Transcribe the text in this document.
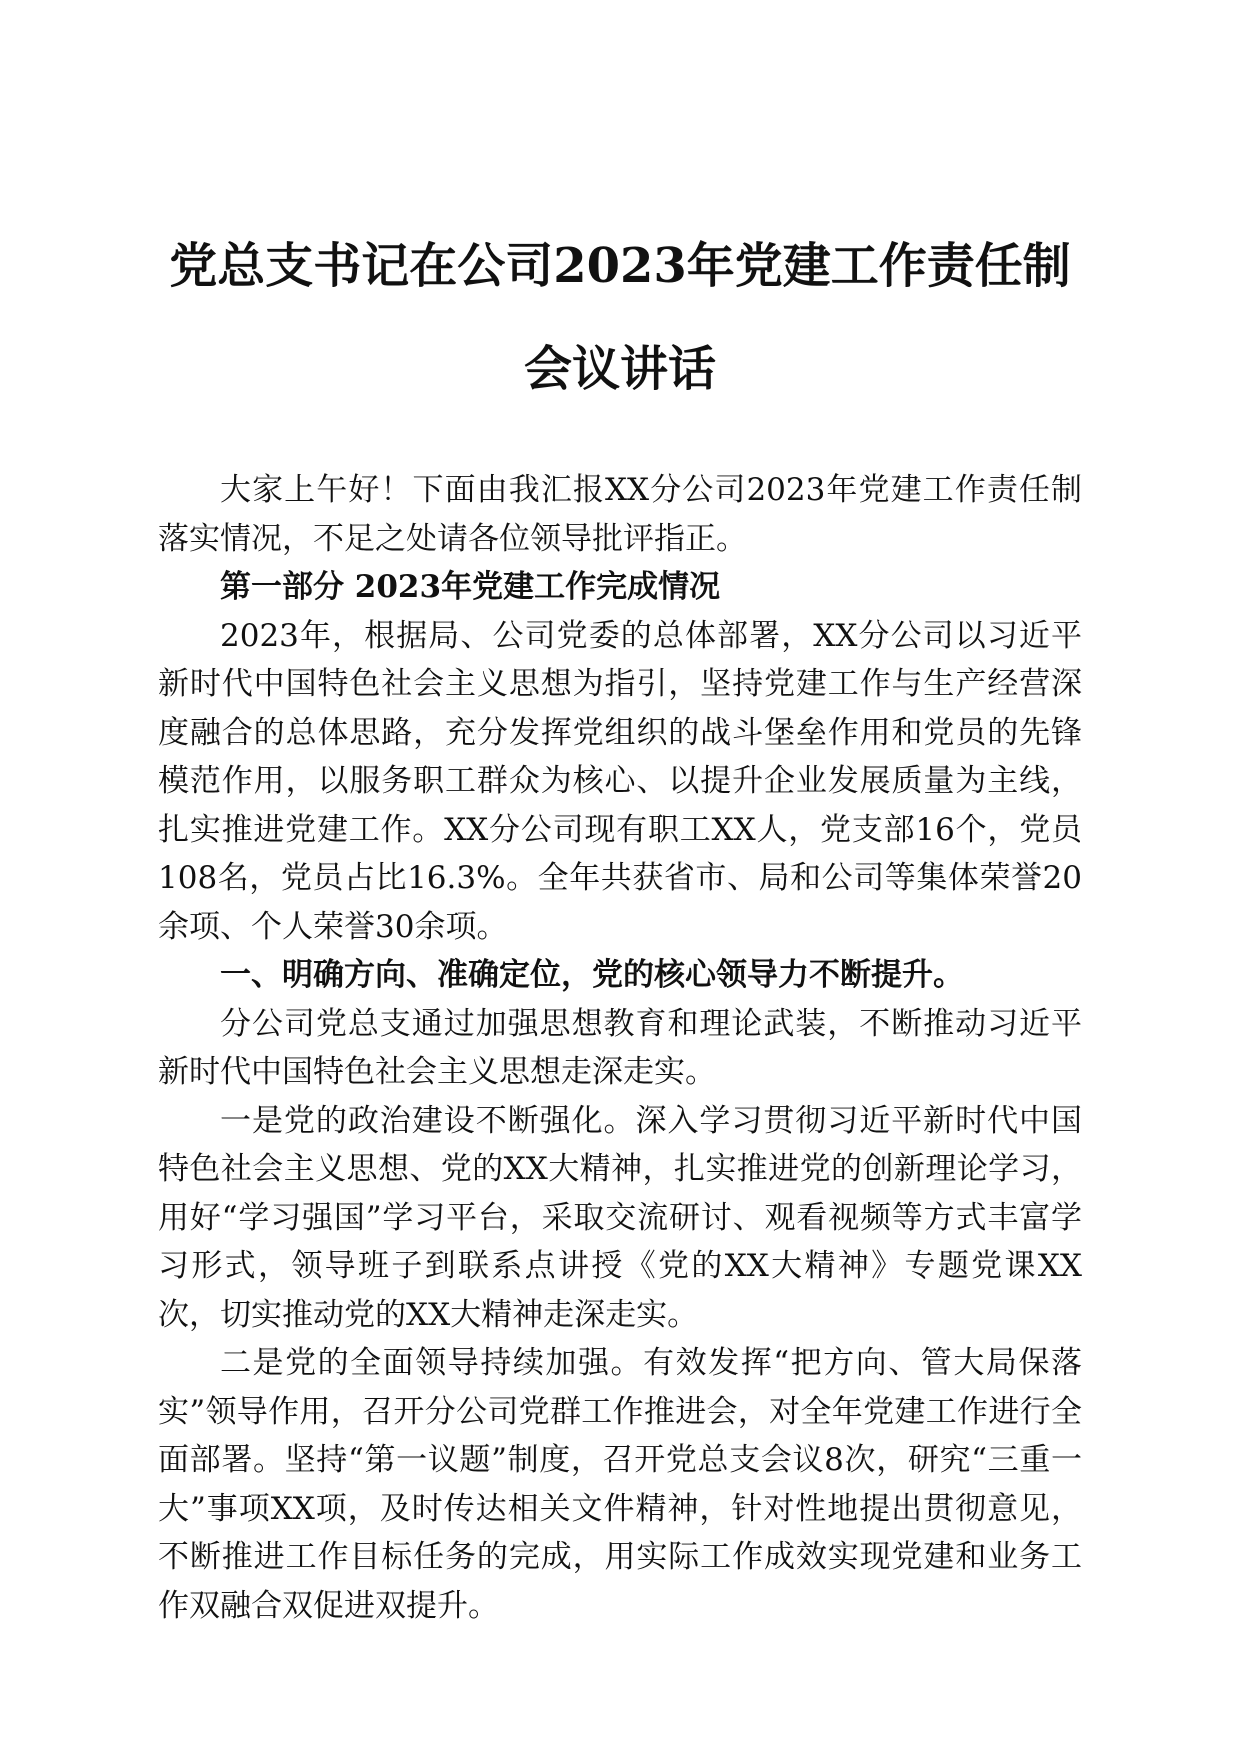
党总支书记在公司2023年党建工作责任制会议讲话

大家上午好！下面由我汇报XX分公司2023年党建工作责任制落实情况，不足之处请各位领导批评指正。

第一部分 2023年党建工作完成情况

2023年，根据局、公司党委的总体部署，XX分公司以习近平新时代中国特色社会主义思想为指引，坚持党建工作与生产经营深度融合的总体思路，充分发挥党组织的战斗堡垒作用和党员的先锋模范作用，以服务职工群众为核心、以提升企业发展质量为主线，扎实推进党建工作。XX分公司现有职工XX人，党支部16个，党员108名，党员占比16.3%。全年共获省市、局和公司等集体荣誉20余项、个人荣誉30余项。

一、明确方向、准确定位，党的核心领导力不断提升。

分公司党总支通过加强思想教育和理论武装，不断推动习近平新时代中国特色社会主义思想走深走实。

一是党的政治建设不断强化。深入学习贯彻习近平新时代中国特色社会主义思想、党的XX大精神，扎实推进党的创新理论学习，用好“学习强国”学习平台，采取交流研讨、观看视频等方式丰富学习形式，领导班子到联系点讲授《党的XX大精神》专题党课XX次，切实推动党的XX大精神走深走实。

二是党的全面领导持续加强。有效发挥“把方向、管大局保落实”领导作用，召开分公司党群工作推进会，对全年党建工作进行全面部署。坚持“第一议题”制度，召开党总支会议8次，研究“三重一大”事项XX项，及时传达相关文件精神，针对性地提出贯彻意见，不断推进工作目标任务的完成，用实际工作成效实现党建和业务工作双融合双促进双提升。
